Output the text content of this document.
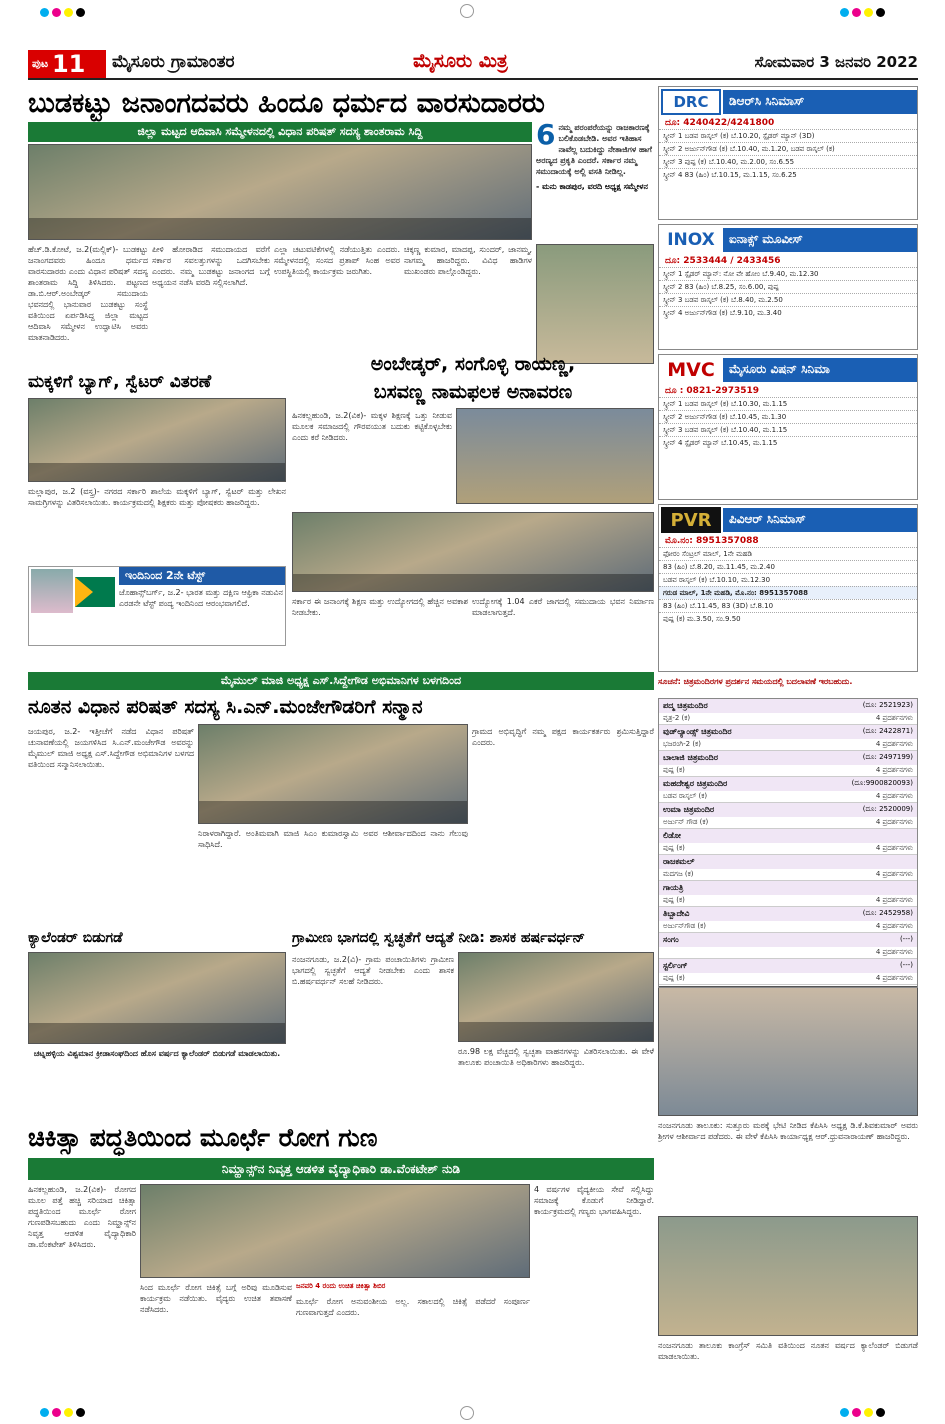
ಪುಟ 11	ಮೈಸೂರು ಗ್ರಾಮಾಂತರ	ಮೈಸೂರು ಮಿತ್ರ	ಸೋಮವಾರ 3 ಜನವರಿ 2022
ಬುಡಕಟ್ಟು ಜನಾಂಗದವರು ಹಿಂದೂ ಧರ್ಮದ ವಾರಸುದಾರರು
ಜಿಲ್ಲಾ ಮಟ್ಟದ ಆದಿವಾಸಿ ಸಮ್ಮೇಳನದಲ್ಲಿ ವಿಧಾನ ಪರಿಷತ್ ಸದಸ್ಯ ಶಾಂತರಾಮ ಸಿದ್ದಿ
ಹೆಚ್.ಡಿ.ಕೋಟೆ, ಜ.2(ಮಲ್ಲಿಕ್)- ಬುಡಕಟ್ಟು ಜನಾಂಗದವರು ಹಿಂದೂ ಧರ್ಮದ ವಾರಸುದಾರರು ಎಂದು ವಿಧಾನ ಪರಿಷತ್ ಸದಸ್ಯ ಶಾಂತರಾಮ ಸಿದ್ದಿ ತಿಳಿಸಿದರು. ಪಟ್ಟಣದ ಡಾ.ಬಿ.ಆರ್.ಅಂಬೇಡ್ಕರ್ ಸಮುದಾಯ ಭವನದಲ್ಲಿ ಭಾನುವಾರ ಬುಡಕಟ್ಟು ಸಂಸ್ಥೆ ವತಿಯಿಂದ ಏರ್ಪಡಿಸಿದ್ದ ಜಿಲ್ಲಾ ಮಟ್ಟದ ಆದಿವಾಸಿ ಸಮ್ಮೇಳನ ಉದ್ಘಾಟಿಸಿ ಅವರು ಮಾತನಾಡಿದರು.
ಪೀಳಿ ಹೋರಾಡಿದ ಸಮುದಾಯದ ವರೆಗೆ ಸರ್ಕಾರ ಸವಲತ್ತುಗಳನ್ನು ಒದಗಿಸಬೇಕು ಎಂದರು. ನಮ್ಮ ಬುಡಕಟ್ಟು ಜನಾಂಗದ ಬಗ್ಗೆ ಅಧ್ಯಯನ ನಡೆಸಿ ವರದಿ ಸಲ್ಲಿಸಲಾಗಿದೆ.
ಎಲ್ಲಾ ಚಟುವಟಿಕೆಗಳಲ್ಲಿ ನಡೆಯುತ್ತಿತು ಎಂದರು. ಸಮ್ಮೇಳನದಲ್ಲಿ ಸಂಸದ ಪ್ರತಾಪ್ ಸಿಂಹ ಅವರ ಉಪಸ್ಥಿತಿಯಲ್ಲಿ ಕಾರ್ಯಕ್ರಮ ಜರುಗಿತು.
ಚಿಕ್ಕಣ್ಣ ಕುಮಾರ, ಮಾದಪ್ಪ, ಸುಂದರ್, ಜಾನಮ್ಮ, ನಾಗಮ್ಮ ಹಾಜರಿದ್ದರು. ವಿವಿಧ ಹಾಡಿಗಳ ಮುಖಂಡರು ಪಾಲ್ಗೊಂಡಿದ್ದರು.
6 ನಮ್ಮ ಪರಂಪರೆಯನ್ನು ರಾಜಕಾರಣಕ್ಕೆ ಬಲಿಕೊಡಬೇಡಿ. ಅವರ ಇತಿಹಾಸ ನಾವೆಲ್ಲ ಬದುಕಿದ್ದು ನೇತಾಜಿಗಳ ಹಾಗೆ ಅರಣ್ಯದ ಪ್ರಕೃತಿ ಎಂದರೆ. ಸರ್ಕಾರ ನಮ್ಮ ಸಮುದಾಯಕ್ಕೆ ಅಲ್ಲಿ ವಸತಿ ನೀಡಿಲ್ಲ.
- ಮನು ಕಾಡಪುರ, ವರದಿ ಅಧ್ಯಕ್ಷ ಸಮ್ಮೇಳನ
ಮಕ್ಕಳಿಗೆ ಬ್ಯಾಗ್, ಸ್ವೆಟರ್ ವಿತರಣೆ
ಮಲ್ಲಾಪುರ, ಜ.2 (ವಸ್ತ್ರ)- ನಗರದ ಸರ್ಕಾರಿ ಶಾಲೆಯ ಮಕ್ಕಳಿಗೆ ಬ್ಯಾಗ್, ಸ್ವೆಟರ್ ಮತ್ತು ಲೇಖನ ಸಾಮಗ್ರಿಗಳನ್ನು ವಿತರಿಸಲಾಯಿತು. ಕಾರ್ಯಕ್ರಮದಲ್ಲಿ ಶಿಕ್ಷಕರು ಮತ್ತು ಪೋಷಕರು ಹಾಜರಿದ್ದರು.
ಇಂದಿನಿಂದ 2ನೇ ಟೆಸ್ಟ್
ಜೊಹಾನ್ಸ್‌ಬರ್ಗ್, ಜ.2- ಭಾರತ ಮತ್ತು ದಕ್ಷಿಣ ಆಫ್ರಿಕಾ ನಡುವಿನ ಎರಡನೇ ಟೆಸ್ಟ್ ಪಂದ್ಯ ಇಂದಿನಿಂದ ಆರಂಭವಾಗಲಿದೆ.
ಅಂಬೇಡ್ಕರ್, ಸಂಗೊಳ್ಳಿ ರಾಯಣ್ಣ,
ಬಸವಣ್ಣ ನಾಮಫಲಕ ಅನಾವರಣ
ಹಿನಕಲ್ಲಹುಂಡಿ, ಜ.2(ವಿಕ)- ಮಕ್ಕಳ ಶಿಕ್ಷಣಕ್ಕೆ ಒತ್ತು ನೀಡುವ ಮೂಲಕ ಸಮಾಜದಲ್ಲಿ ಗೌರವಯುತ ಬದುಕು ಕಟ್ಟಿಕೊಳ್ಳಬೇಕು ಎಂದು ಕರೆ ನೀಡಿದರು.
ಸರ್ಕಾರ ಈ ಜನಾಂಗಕ್ಕೆ ಶಿಕ್ಷಣ ಮತ್ತು ಉದ್ಯೋಗದಲ್ಲಿ ಹೆಚ್ಚಿನ ಅವಕಾಶ ನೀಡಬೇಕು.
ಉದ್ಯೋಗಕ್ಕೆ 1.04 ಎಕರೆ ಜಾಗದಲ್ಲಿ ಸಮುದಾಯ ಭವನ ನಿರ್ಮಾಣ ಮಾಡಲಾಗುತ್ತದೆ.
ಮೈಮುಲ್ ಮಾಜಿ ಅಧ್ಯಕ್ಷ ಎಸ್.ಸಿದ್ದೇಗೌಡ ಅಭಿಮಾನಿಗಳ ಬಳಗದಿಂದ
ನೂತನ ವಿಧಾನ ಪರಿಷತ್ ಸದಸ್ಯ ಸಿ.ಎನ್.ಮಂಜೇಗೌಡರಿಗೆ ಸನ್ಮಾನ
ಜಯಪುರ, ಜ.2- ಇತ್ತೀಚೆಗೆ ನಡೆದ ವಿಧಾನ ಪರಿಷತ್ ಚುನಾವಣೆಯಲ್ಲಿ ಜಯಗಳಿಸಿದ ಸಿ.ಎನ್.ಮಂಜೇಗೌಡ ಅವರನ್ನು ಮೈಮುಲ್ ಮಾಜಿ ಅಧ್ಯಕ್ಷ ಎಸ್.ಸಿದ್ದೇಗೌಡ ಅಭಿಮಾನಿಗಳ ಬಳಗದ ವತಿಯಿಂದ ಸನ್ಮಾನಿಸಲಾಯಿತು.
ಗ್ರಾಮದ ಅಭಿವೃದ್ಧಿಗೆ ನಮ್ಮ ಪಕ್ಷದ ಕಾರ್ಯಕರ್ತರು ಶ್ರಮಿಸುತ್ತಿದ್ದಾರೆ ಎಂದರು.
ನಿರಾಳರಾಗಿದ್ದಾರೆ. ಅಂತಿಮವಾಗಿ ಮಾಜಿ ಸಿಎಂ ಕುಮಾರಸ್ವಾಮಿ ಅವರ ಆಶೀರ್ವಾದದಿಂದ ನಾನು ಗೆಲುವು ಸಾಧಿಸಿದೆ.
ಕ್ಯಾಲೆಂಡರ್ ಬಿಡುಗಡೆ
ಚಟ್ನಹಳ್ಳಿಯ ವಿಶ್ವಮಾನ ಕ್ರೀಡಾಸಂಘದಿಂದ ಹೊಸ ವರ್ಷದ ಕ್ಯಾಲೆಂಡರ್ ಬಿಡುಗಡೆ ಮಾಡಲಾಯಿತು.
ಗ್ರಾಮೀಣ ಭಾಗದಲ್ಲಿ ಸ್ವಚ್ಛತೆಗೆ ಆದ್ಯತೆ ನೀಡಿ: ಶಾಸಕ ಹರ್ಷವರ್ಧನ್
ನಂಜನಗೂಡು, ಜ.2(ವಿ)- ಗ್ರಾಮ ಪಂಚಾಯಿತಿಗಳು ಗ್ರಾಮೀಣ ಭಾಗದಲ್ಲಿ ಸ್ವಚ್ಛತೆಗೆ ಆದ್ಯತೆ ನೀಡಬೇಕು ಎಂದು ಶಾಸಕ ಬಿ.ಹರ್ಷವರ್ಧನ್ ಸಲಹೆ ನೀಡಿದರು.
ರೂ.98 ಲಕ್ಷ ವೆಚ್ಚದಲ್ಲಿ ಸ್ವಚ್ಛತಾ ವಾಹನಗಳನ್ನು ವಿತರಿಸಲಾಯಿತು. ಈ ವೇಳೆ ತಾಲೂಕು ಪಂಚಾಯಿತಿ ಅಧಿಕಾರಿಗಳು ಹಾಜರಿದ್ದರು.
ಚಿಕಿತ್ಸಾ ಪದ್ಧತಿಯಿಂದ ಮೂರ್ಛೆ ರೋಗ ಗುಣ
ನಿಮ್ಹಾನ್ಸ್‌ನ ನಿವೃತ್ತ ಆಡಳಿತ ವೈದ್ಯಾಧಿಕಾರಿ ಡಾ.ವೆಂಕಟೇಶ್ ನುಡಿ
ಹಿನಕಲ್ಲಹುಂಡಿ, ಜ.2(ವಿಕ)- ರೋಗದ ಮೂಲ ಪತ್ತೆ ಹಚ್ಚಿ ಸರಿಯಾದ ಚಿಕಿತ್ಸಾ ಪದ್ಧತಿಯಿಂದ ಮೂರ್ಛೆ ರೋಗ ಗುಣಪಡಿಸಬಹುದು ಎಂದು ನಿಮ್ಹಾನ್ಸ್‌ನ ನಿವೃತ್ತ ಆಡಳಿತ ವೈದ್ಯಾಧಿಕಾರಿ ಡಾ.ವೆಂಕಟೇಶ್ ತಿಳಿಸಿದರು.
ಸಿಂದ ಮೂರ್ಛೆ ರೋಗ ಚಿಕಿತ್ಸೆ ಬಗ್ಗೆ ಅರಿವು ಮೂಡಿಸುವ ಕಾರ್ಯಕ್ರಮ ನಡೆಯಿತು. ವೈದ್ಯರು ಉಚಿತ ತಪಾಸಣೆ ನಡೆಸಿದರು.
ಜನವರಿ 4 ರಂದು ಉಚಿತ ಚಿಕಿತ್ಸಾ ಶಿಬಿರ
ಮೂರ್ಛೆ ರೋಗ ಅನುವಂಶೀಯ ಅಲ್ಲ. ಸಕಾಲದಲ್ಲಿ ಚಿಕಿತ್ಸೆ ಪಡೆದರೆ ಸಂಪೂರ್ಣ ಗುಣವಾಗುತ್ತದೆ ಎಂದರು.
4 ವರ್ಷಗಳ ವೈದ್ಯಕೀಯ ಸೇವೆ ಸಲ್ಲಿಸಿದ್ದು ಸಮಾಜಕ್ಕೆ ಕೊಡುಗೆ ನೀಡಿದ್ದಾರೆ. ಕಾರ್ಯಕ್ರಮದಲ್ಲಿ ಗಣ್ಯರು ಭಾಗವಹಿಸಿದ್ದರು.
ನಂಜನಗೂಡು ತಾಲೂಕು: ಸುತ್ತೂರು ಮಠಕ್ಕೆ ಭೇಟಿ ನೀಡಿದ ಕೆಪಿಸಿಸಿ ಅಧ್ಯಕ್ಷ ಡಿ.ಕೆ.ಶಿವಕುಮಾರ್ ಅವರು ಶ್ರೀಗಳ ಆಶೀರ್ವಾದ ಪಡೆದರು. ಈ ವೇಳೆ ಕೆಪಿಸಿಸಿ ಕಾರ್ಯಾಧ್ಯಕ್ಷ ಆರ್.ಧ್ರುವನಾರಾಯಣ್ ಹಾಜರಿದ್ದರು.
ನಂಜನಗೂಡು ತಾಲೂಕು ಕಾಂಗ್ರೆಸ್ ಸಮಿತಿ ವತಿಯಿಂದ ನೂತನ ವರ್ಷದ ಕ್ಯಾಲೆಂಡರ್ ಬಿಡುಗಡೆ ಮಾಡಲಾಯಿತು.
DRC	ಡಿಆರ್‌ಸಿ ಸಿನಿಮಾಸ್
ದೂ: 4240422/4241800
ಸ್ಕ್ರೀನ್ 1 ಬಡವ ರಾಸ್ಕಲ್ (ಕ) ಬೆ.10.20, ಸ್ಪೈಡರ್ ಮ್ಯಾನ್ (3D)
ಸ್ಕ್ರೀನ್ 2 ಅರ್ಜುನ್‌ಗೌಡ (ಕ) ಬೆ.10.40, ಮ.1.20, ಬಡವ ರಾಸ್ಕಲ್ (ಕ)
ಸ್ಕ್ರೀನ್ 3 ಪುಷ್ಪ (ಕ) ಬೆ.10.40, ಮ.2.00, ಸಂ.6.55
ಸ್ಕ್ರೀನ್ 4 83 (ಹಿಂ) ಬೆ.10.15, ಮ.1.15, ಸಂ.6.25
INOX	ಐನಾಕ್ಸ್ ಮೂವೀಸ್
ದೂ: 2533444 / 2433456
ಸ್ಕ್ರೀನ್ 1 ಸ್ಪೈಡರ್ ಮ್ಯಾನ್: ನೋ ವೇ ಹೋಂ ಬೆ.9.40, ಮ.12.30
ಸ್ಕ್ರೀನ್ 2 83 (ಹಿಂ) ಬೆ.8.25, ಸಂ.6.00, ಪುಷ್ಪ
ಸ್ಕ್ರೀನ್ 3 ಬಡವ ರಾಸ್ಕಲ್ (ಕ) ಬೆ.8.40, ಮ.2.50
ಸ್ಕ್ರೀನ್ 4 ಅರ್ಜುನ್‌ಗೌಡ (ಕ) ಬೆ.9.10, ಮ.3.40
MVC	ಮೈಸೂರು ವಿಷನ್ ಸಿನಿಮಾ
ದೂ : 0821-2973519
ಸ್ಕ್ರೀನ್ 1 ಬಡವ ರಾಸ್ಕಲ್ (ಕ) ಬೆ.10.30, ಮ.1.15
ಸ್ಕ್ರೀನ್ 2 ಅರ್ಜುನ್‌ಗೌಡ (ಕ) ಬೆ.10.45, ಮ.1.30
ಸ್ಕ್ರೀನ್ 3 ಬಡವ ರಾಸ್ಕಲ್ (ಕ) ಬೆ.10.40, ಮ.1.15
ಸ್ಕ್ರೀನ್ 4 ಸ್ಪೈಡರ್ ಮ್ಯಾನ್ ಬೆ.10.45, ಮ.1.15
PVR	ಪಿವಿಆರ್ ಸಿನಿಮಾಸ್
ಮೊ.ನಂ: 8951357088
ಫೋರಂ ಸೆಂಟ್ರಲ್ ಮಾಲ್, 1ನೇ ಮಹಡಿ
83 (ಹಿಂ) ಬೆ.8.20, ಮ.11.45, ಮ.2.40
ಬಡವ ರಾಸ್ಕಲ್ (ಕ) ಬೆ.10.10, ಮ.12.30
ಗರುಡ ಮಾಲ್, 1ನೇ ಮಹಡಿ, ಮೊ.ನಂ: 8951357088
83 (ಹಿಂ) ಬೆ.11.45, 83 (3D) ಬೆ.8.10
ಪುಷ್ಪ (ಕ) ಮ.3.50, ಸಂ.9.50
ಸೂಚನೆ: ಚಿತ್ರಮಂದಿರಗಳ ಪ್ರದರ್ಶನ ಸಮಯದಲ್ಲಿ ಬದಲಾವಣೆ ಇರಬಹುದು.
ಪದ್ಮ ಚಿತ್ರಮಂದಿರ	(ದೂ: 2521923)
ವೃತ್ರ-2 (ಕ)	4 ಪ್ರದರ್ಶನಗಳು
ವುಡ್‌ಲ್ಯಾಂಡ್ಸ್ ಚಿತ್ರಮಂದಿರ	(ದೂ: 2422871)
ಭಜರಂಗಿ-2 (ಕ)	4 ಪ್ರದರ್ಶನಗಳು
ಬಾಲಾಜಿ ಚಿತ್ರಮಂದಿರ	(ದೂ: 2497199)
ಪುಷ್ಪ (ಕ)	4 ಪ್ರದರ್ಶನಗಳು
ಮಹದೇಶ್ವರ ಚಿತ್ರಮಂದಿರ	(ದೂ:9900820093)
ಬಡವ ರಾಸ್ಕಲ್ (ಕ)	4 ಪ್ರದರ್ಶನಗಳು
ಉಮಾ ಚಿತ್ರಮಂದಿರ	(ದೂ: 2520009)
ಅರ್ಜುನ್ ಗೌಡ (ಕ)	4 ಪ್ರದರ್ಶನಗಳು
ಲಿಡೋ
ಪುಷ್ಪ (ಕ)	4 ಪ್ರದರ್ಶನಗಳು
ರಾಜಕಮಲ್
ಮದಗಜ (ಕ)	4 ಪ್ರದರ್ಶನಗಳು
ಗಾಯತ್ರಿ
ಪುಷ್ಪ (ಕ)	4 ಪ್ರದರ್ಶನಗಳು
ತಿಬ್ಬಾದೇವಿ	(ದೂ: 2452958)
ಅರ್ಜುನ್‌ಗೌಡ (ಕ)	4 ಪ್ರದರ್ಶನಗಳು
ಸಂಗಂ	(---)
4 ಪ್ರದರ್ಶನಗಳು
ಸ್ಟರ್ಲಿಂಗ್	(---)
ಪುಷ್ಪ (ಕ)	4 ಪ್ರದರ್ಶನಗಳು
